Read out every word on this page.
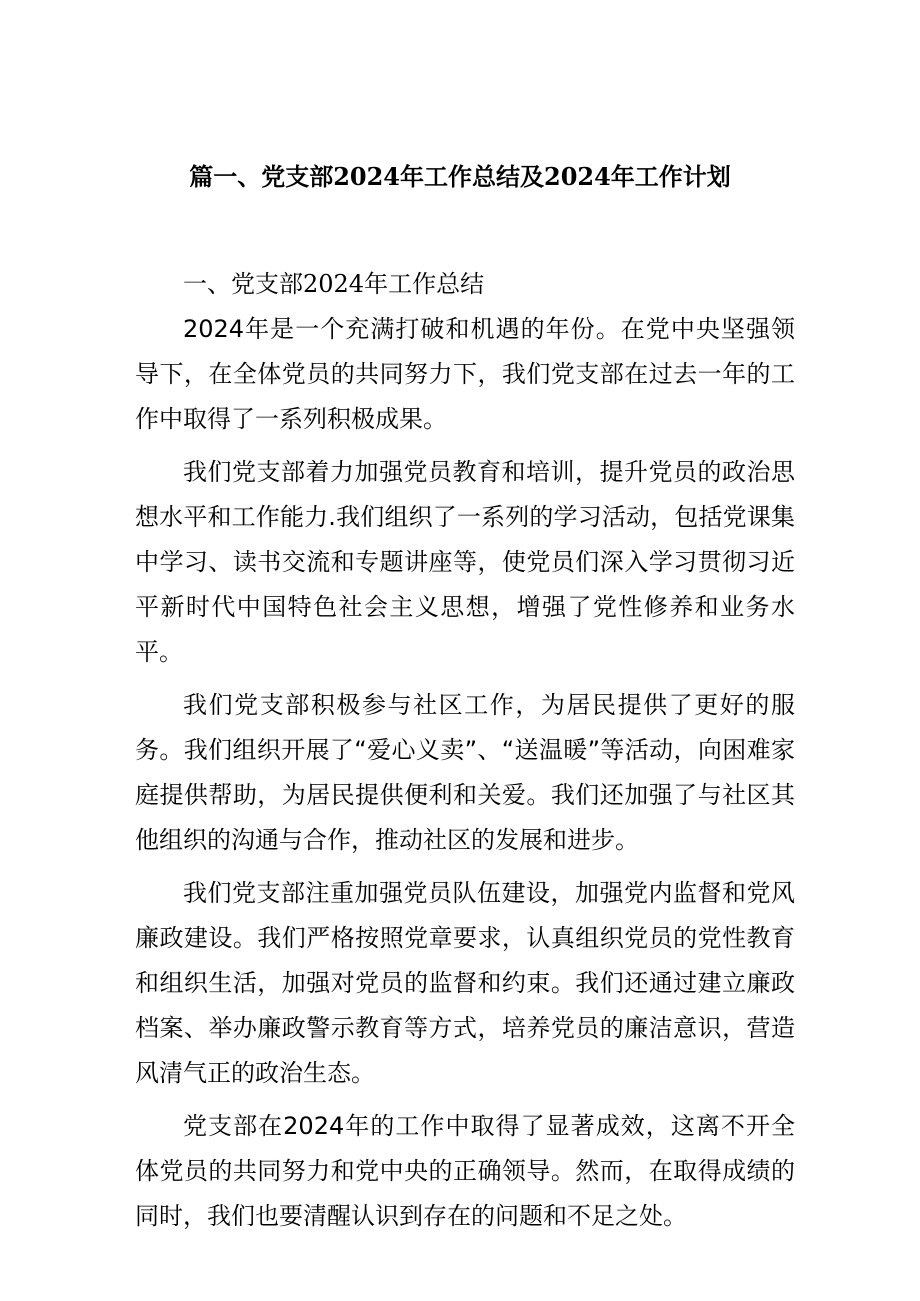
篇一、党支部2024年工作总结及2024年工作计划
一、党支部2024年工作总结

2024年是一个充满打破和机遇的年份。在党中央坚强领导下，在全体党员的共同努力下，我们党支部在过去一年的工作中取得了一系列积极成果。

我们党支部着力加强党员教育和培训，提升党员的政治思想水平和工作能力.我们组织了一系列的学习活动，包括党课集中学习、读书交流和专题讲座等，使党员们深入学习贯彻习近平新时代中国特色社会主义思想，增强了党性修养和业务水平。

我们党支部积极参与社区工作，为居民提供了更好的服务。我们组织开展了“爱心义卖”、“送温暖”等活动，向困难家庭提供帮助，为居民提供便利和关爱。我们还加强了与社区其他组织的沟通与合作，推动社区的发展和进步。

我们党支部注重加强党员队伍建设，加强党内监督和党风廉政建设。我们严格按照党章要求，认真组织党员的党性教育和组织生活，加强对党员的监督和约束。我们还通过建立廉政档案、举办廉政警示教育等方式，培养党员的廉洁意识，营造风清气正的政治生态。

党支部在2024年的工作中取得了显著成效，这离不开全体党员的共同努力和党中央的正确领导。然而，在取得成绩的同时，我们也要清醒认识到存在的问题和不足之处。
